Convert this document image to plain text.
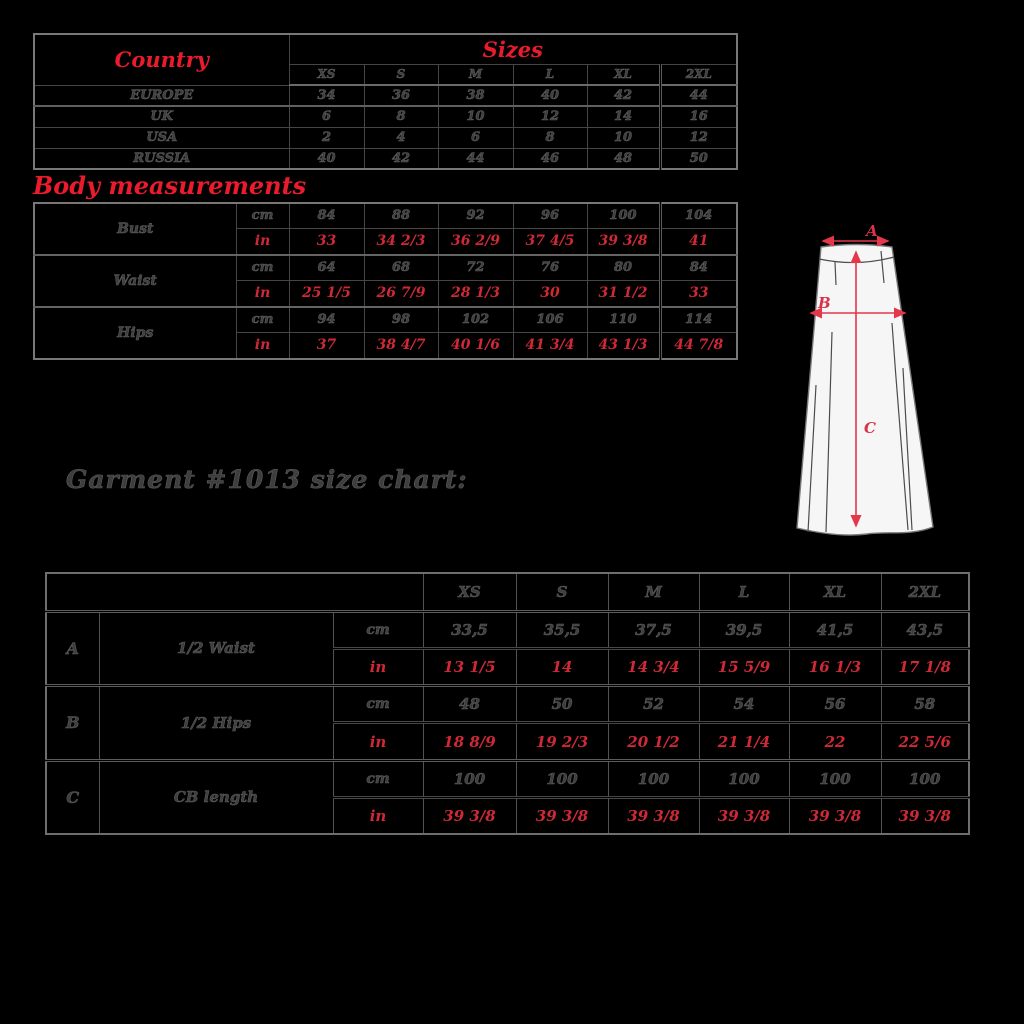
Country	Sizes					
	XS	S	M	L	XL	2XL
EUROPE	34	36	38	40	42	44
UK	6	8	10	12	14	16
USA	2	4	6	8	10	12
RUSSIA	40	42	44	46	48	50
Body measurements
Bust	cm	84	88	92	96	100	104
	in	33	34 2/3	36 2/9	37 4/5	39 3/8	41
Waist	cm	64	68	72	76	80	84
	in	25 1/5	26 7/9	28 1/3	30	31 1/2	33
Hips	cm	94	98	102	106	110	114
	in	37	38 4/7	40 1/6	41 3/4	43 1/3	44 7/8
A
B
C
Garment #1013 size chart:
			XS	S	M	L	XL	2XL
A	1/2 Waist	cm	33,5	35,5	37,5	39,5	41,5	43,5
		in	13 1/5	14	14 3/4	15 5/9	16 1/3	17 1/8
B	1/2 Hips	cm	48	50	52	54	56	58
		in	18 8/9	19 2/3	20 1/2	21 1/4	22	22 5/6
C	CB length	cm	100	100	100	100	100	100
		in	39 3/8	39 3/8	39 3/8	39 3/8	39 3/8	39 3/8
